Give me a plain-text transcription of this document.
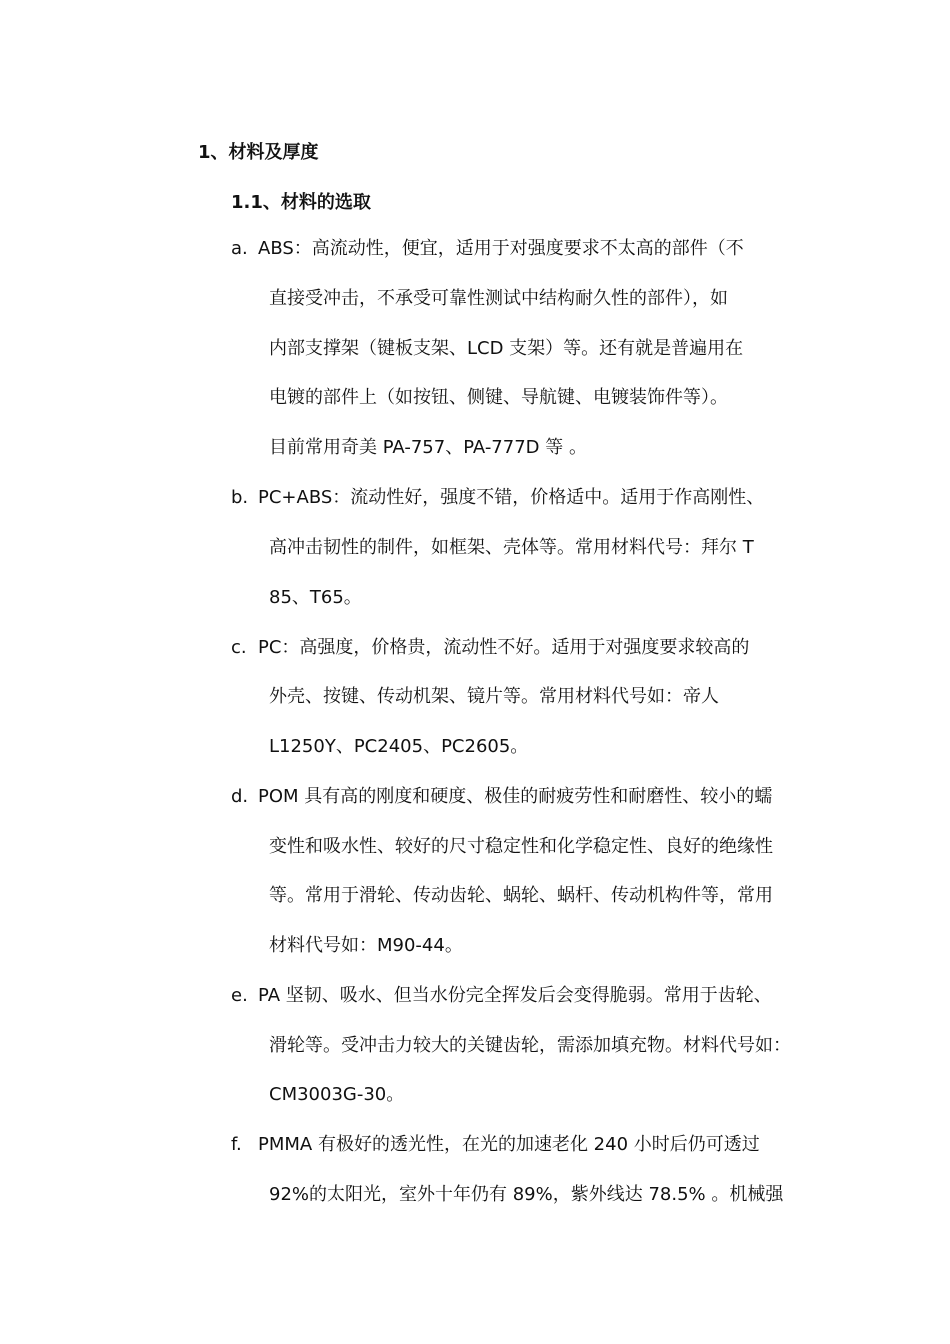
1、材料及厚度
1.1、材料的选取
a. ABS：高流动性，便宜，适用于对强度要求不太高的部件（不
直接受冲击，不承受可靠性测试中结构耐久性的部件），如
内部支撑架（键板支架、LCD 支架）等。还有就是普遍用在
电镀的部件上（如按钮、侧键、导航键、电镀装饰件等）。
目前常用奇美 PA-757、PA-777D 等 。
b. PC+ABS：流动性好，强度不错，价格适中。适用于作高刚性、
高冲击韧性的制件，如框架、壳体等。常用材料代号：拜尔 T
85、T65。
c. PC：高强度，价格贵，流动性不好。适用于对强度要求较高的
外壳、按键、传动机架、镜片等。常用材料代号如：帝人
L1250Y、PC2405、PC2605。
d. POM 具有高的刚度和硬度、极佳的耐疲劳性和耐磨性、较小的蠕
变性和吸水性、较好的尺寸稳定性和化学稳定性、良好的绝缘性
等。常用于滑轮、传动齿轮、蜗轮、蜗杆、传动机构件等，常用
材料代号如：M90-44。
e. PA 坚韧、吸水、但当水份完全挥发后会变得脆弱。常用于齿轮、
滑轮等。受冲击力较大的关键齿轮，需添加填充物。材料代号如：
CM3003G-30。
f. PMMA 有极好的透光性，在光的加速老化 240 小时后仍可透过
92%的太阳光，室外十年仍有 89%，紫外线达 78.5% 。机械强
